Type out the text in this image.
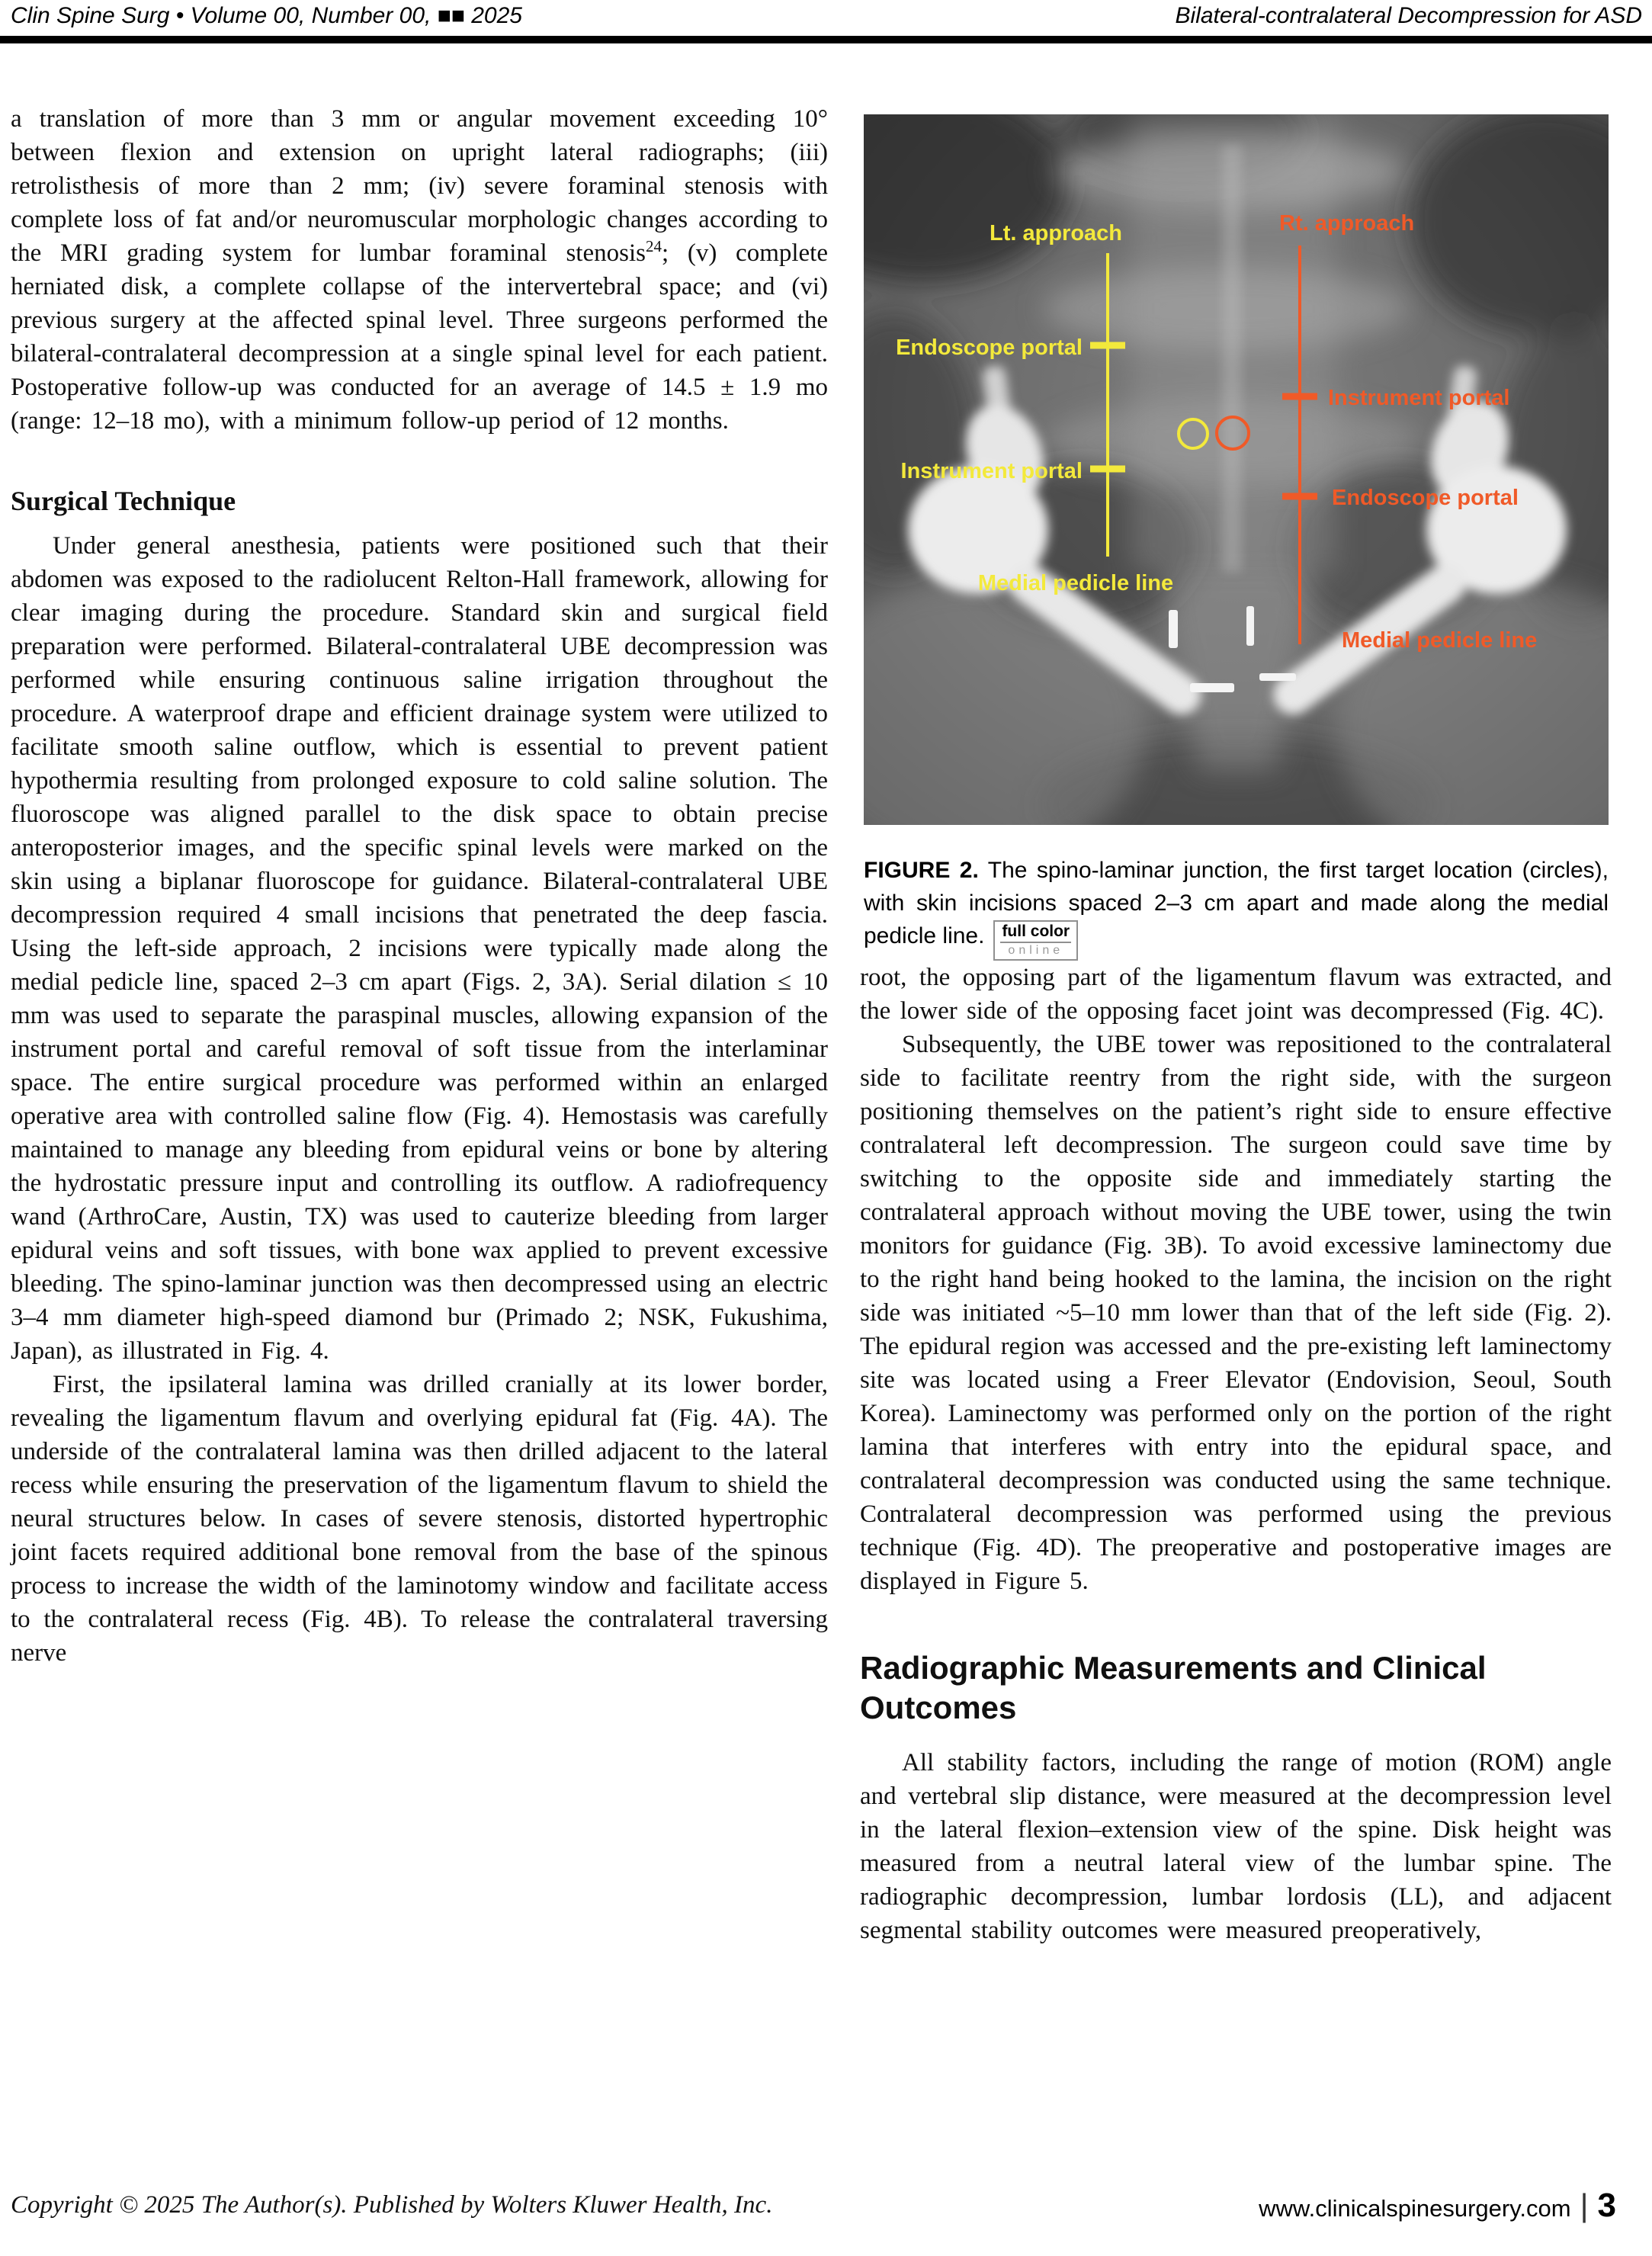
Clin Spine Surg • Volume 00, Number 00, ■■ 2025	Bilateral-contralateral Decompression for ASD

a translation of more than 3 mm or angular movement exceeding 10° between flexion and extension on upright lateral radiographs; (iii) retrolisthesis of more than 2 mm; (iv) severe foraminal stenosis with complete loss of fat and/or neuromuscular morphologic changes according to the MRI grading system for lumbar foraminal stenosis$^{24}$; (v) complete herniated disk, a complete collapse of the intervertebral space; and (vi) previous surgery at the affected spinal level. Three surgeons performed the bilateral-contralateral decompression at a single spinal level for each patient. Postoperative follow-up was conducted for an average of 14.5 ± 1.9 mo (range: 12–18 mo), with a minimum follow-up period of 12 months.

Surgical Technique

Under general anesthesia, patients were positioned such that their abdomen was exposed to the radiolucent Relton-Hall framework, allowing for clear imaging during the procedure. Standard skin and surgical field preparation were performed. Bilateral-contralateral UBE decompression was performed while ensuring continuous saline irrigation throughout the procedure. A waterproof drape and efficient drainage system were utilized to facilitate smooth saline outflow, which is essential to prevent patient hypothermia resulting from prolonged exposure to cold saline solution. The fluoroscope was aligned parallel to the disk space to obtain precise anteroposterior images, and the specific spinal levels were marked on the skin using a biplanar fluoroscope for guidance. Bilateral-contralateral UBE decompression required 4 small incisions that penetrated the deep fascia. Using the left-side approach, 2 incisions were typically made along the medial pedicle line, spaced 2–3 cm apart (Figs. 2, 3A). Serial dilation ≤ 10 mm was used to separate the paraspinal muscles, allowing expansion of the instrument portal and careful removal of soft tissue from the interlaminar space. The entire surgical procedure was performed within an enlarged operative area with controlled saline flow (Fig. 4). Hemostasis was carefully maintained to manage any bleeding from epidural veins or bone by altering the hydrostatic pressure input and controlling its outflow. A radiofrequency wand (ArthroCare, Austin, TX) was used to cauterize bleeding from larger epidural veins and soft tissues, with bone wax applied to prevent excessive bleeding. The spino-laminar junction was then decompressed using an electric 3–4 mm diameter high-speed diamond bur (Primado 2; NSK, Fukushima, Japan), as illustrated in Fig. 4.

First, the ipsilateral lamina was drilled cranially at its lower border, revealing the ligamentum flavum and overlying epidural fat (Fig. 4A). The underside of the contralateral lamina was then drilled adjacent to the lateral recess while ensuring the preservation of the ligamentum flavum to shield the neural structures below. In cases of severe stenosis, distorted hypertrophic joint facets required additional bone removal from the base of the spinous process to increase the width of the laminotomy window and facilitate access to the contralateral recess (Fig. 4B). To release the contralateral traversing nerve

Lt. approach
Endoscope portal
Instrument portal
Medial pedicle line
Rt. approach
Instrument portal
Endoscope portal
Medial pedicle line
FIGURE 2. The spino-laminar junction, the first target location (circles), with skin incisions spaced 2–3 cm apart and made along the medial pedicle line. full color
online

root, the opposing part of the ligamentum flavum was extracted, and the lower side of the opposing facet joint was decompressed (Fig. 4C).

Subsequently, the UBE tower was repositioned to the contralateral side to facilitate reentry from the right side, with the surgeon positioning themselves on the patient’s right side to ensure effective contralateral left decompression. The surgeon could save time by switching to the opposite side and immediately starting the contralateral approach without moving the UBE tower, using the twin monitors for guidance (Fig. 3B). To avoid excessive laminectomy due to the right hand being hooked to the lamina, the incision on the right side was initiated ~5–10 mm lower than that of the left side (Fig. 2). The epidural region was accessed and the pre-existing left laminectomy site was located using a Freer Elevator (Endovision, Seoul, South Korea). Laminectomy was performed only on the portion of the right lamina that interferes with entry into the epidural space, and contralateral decompression was conducted using the same technique. Contralateral decompression was performed using the previous technique (Fig. 4D). The preoperative and postoperative images are displayed in Figure 5.

Radiographic Measurements and Clinical Outcomes

All stability factors, including the range of motion (ROM) angle and vertebral slip distance, were measured at the decompression level in the lateral flexion–extension view of the spine. Disk height was measured from a neutral lateral view of the lumbar spine. The radiographic decompression, lumbar lordosis (LL), and adjacent segmental stability outcomes were measured preoperatively,

Copyright © 2025 The Author(s). Published by Wolters Kluwer Health, Inc.	www.clinicalspinesurgery.com | 3
